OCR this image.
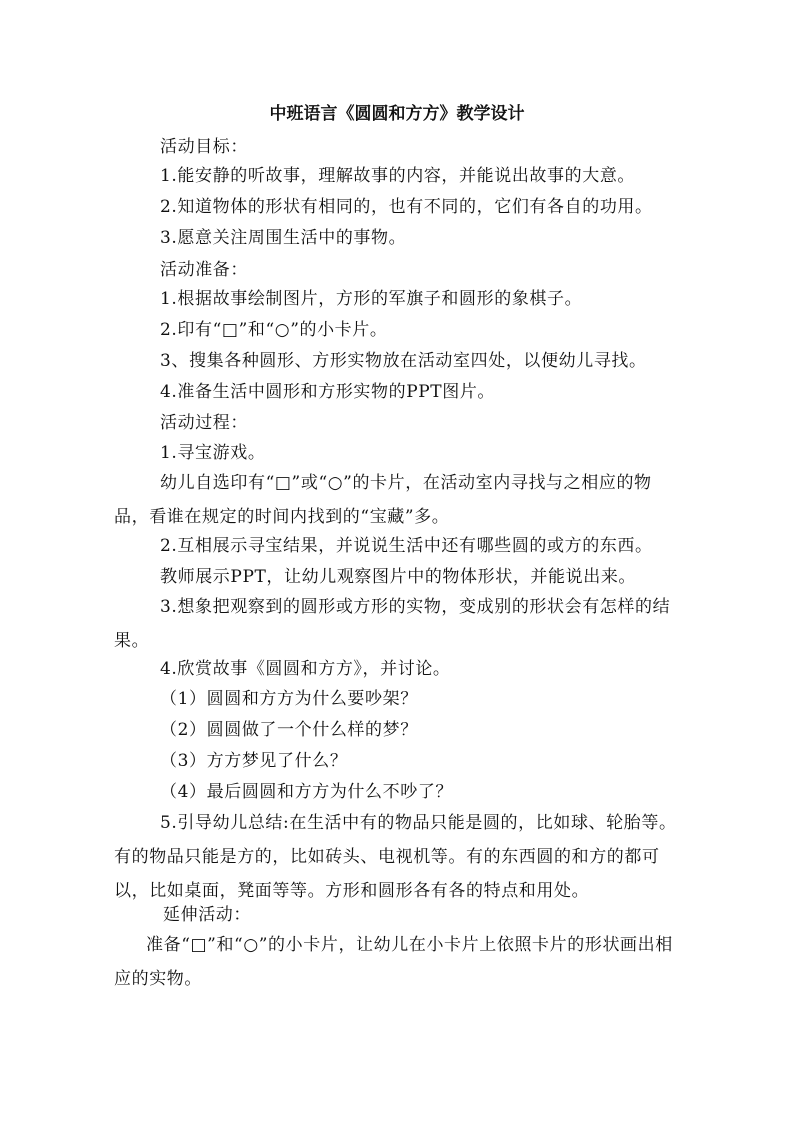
中班语言《圆圆和方方》教学设计
活动目标：
1.能安静的听故事，理解故事的内容，并能说出故事的大意。
2.知道物体的形状有相同的，也有不同的，它们有各自的功用。
3.愿意关注周围生活中的事物。
活动准备：
1.根据故事绘制图片，方形的军旗子和圆形的象棋子。
2.印有“□”和“○”的小卡片。
3、搜集各种圆形、方形实物放在活动室四处，以便幼儿寻找。
4.准备生活中圆形和方形实物的PPT图片。
活动过程：
1.寻宝游戏。
幼儿自选印有“□”或“○”的卡片，在活动室内寻找与之相应的物品，看谁在规定的时间内找到的“宝藏”多。
2.互相展示寻宝结果，并说说生活中还有哪些圆的或方的东西。
教师展示PPT，让幼儿观察图片中的物体形状，并能说出来。
3.想象把观察到的圆形或方形的实物，变成别的形状会有怎样的结果。
4.欣赏故事《圆圆和方方》，并讨论。
（1）圆圆和方方为什么要吵架？
（2）圆圆做了一个什么样的梦？
（3）方方梦见了什么？
（4）最后圆圆和方方为什么不吵了？
5.引导幼儿总结:在生活中有的物品只能是圆的，比如球、轮胎等。有的物品只能是方的，比如砖头、电视机等。有的东西圆的和方的都可以，比如桌面，凳面等等。方形和圆形各有各的特点和用处。
延伸活动：
准备“□”和“○”的小卡片，让幼儿在小卡片上依照卡片的形状画出相应的实物。
